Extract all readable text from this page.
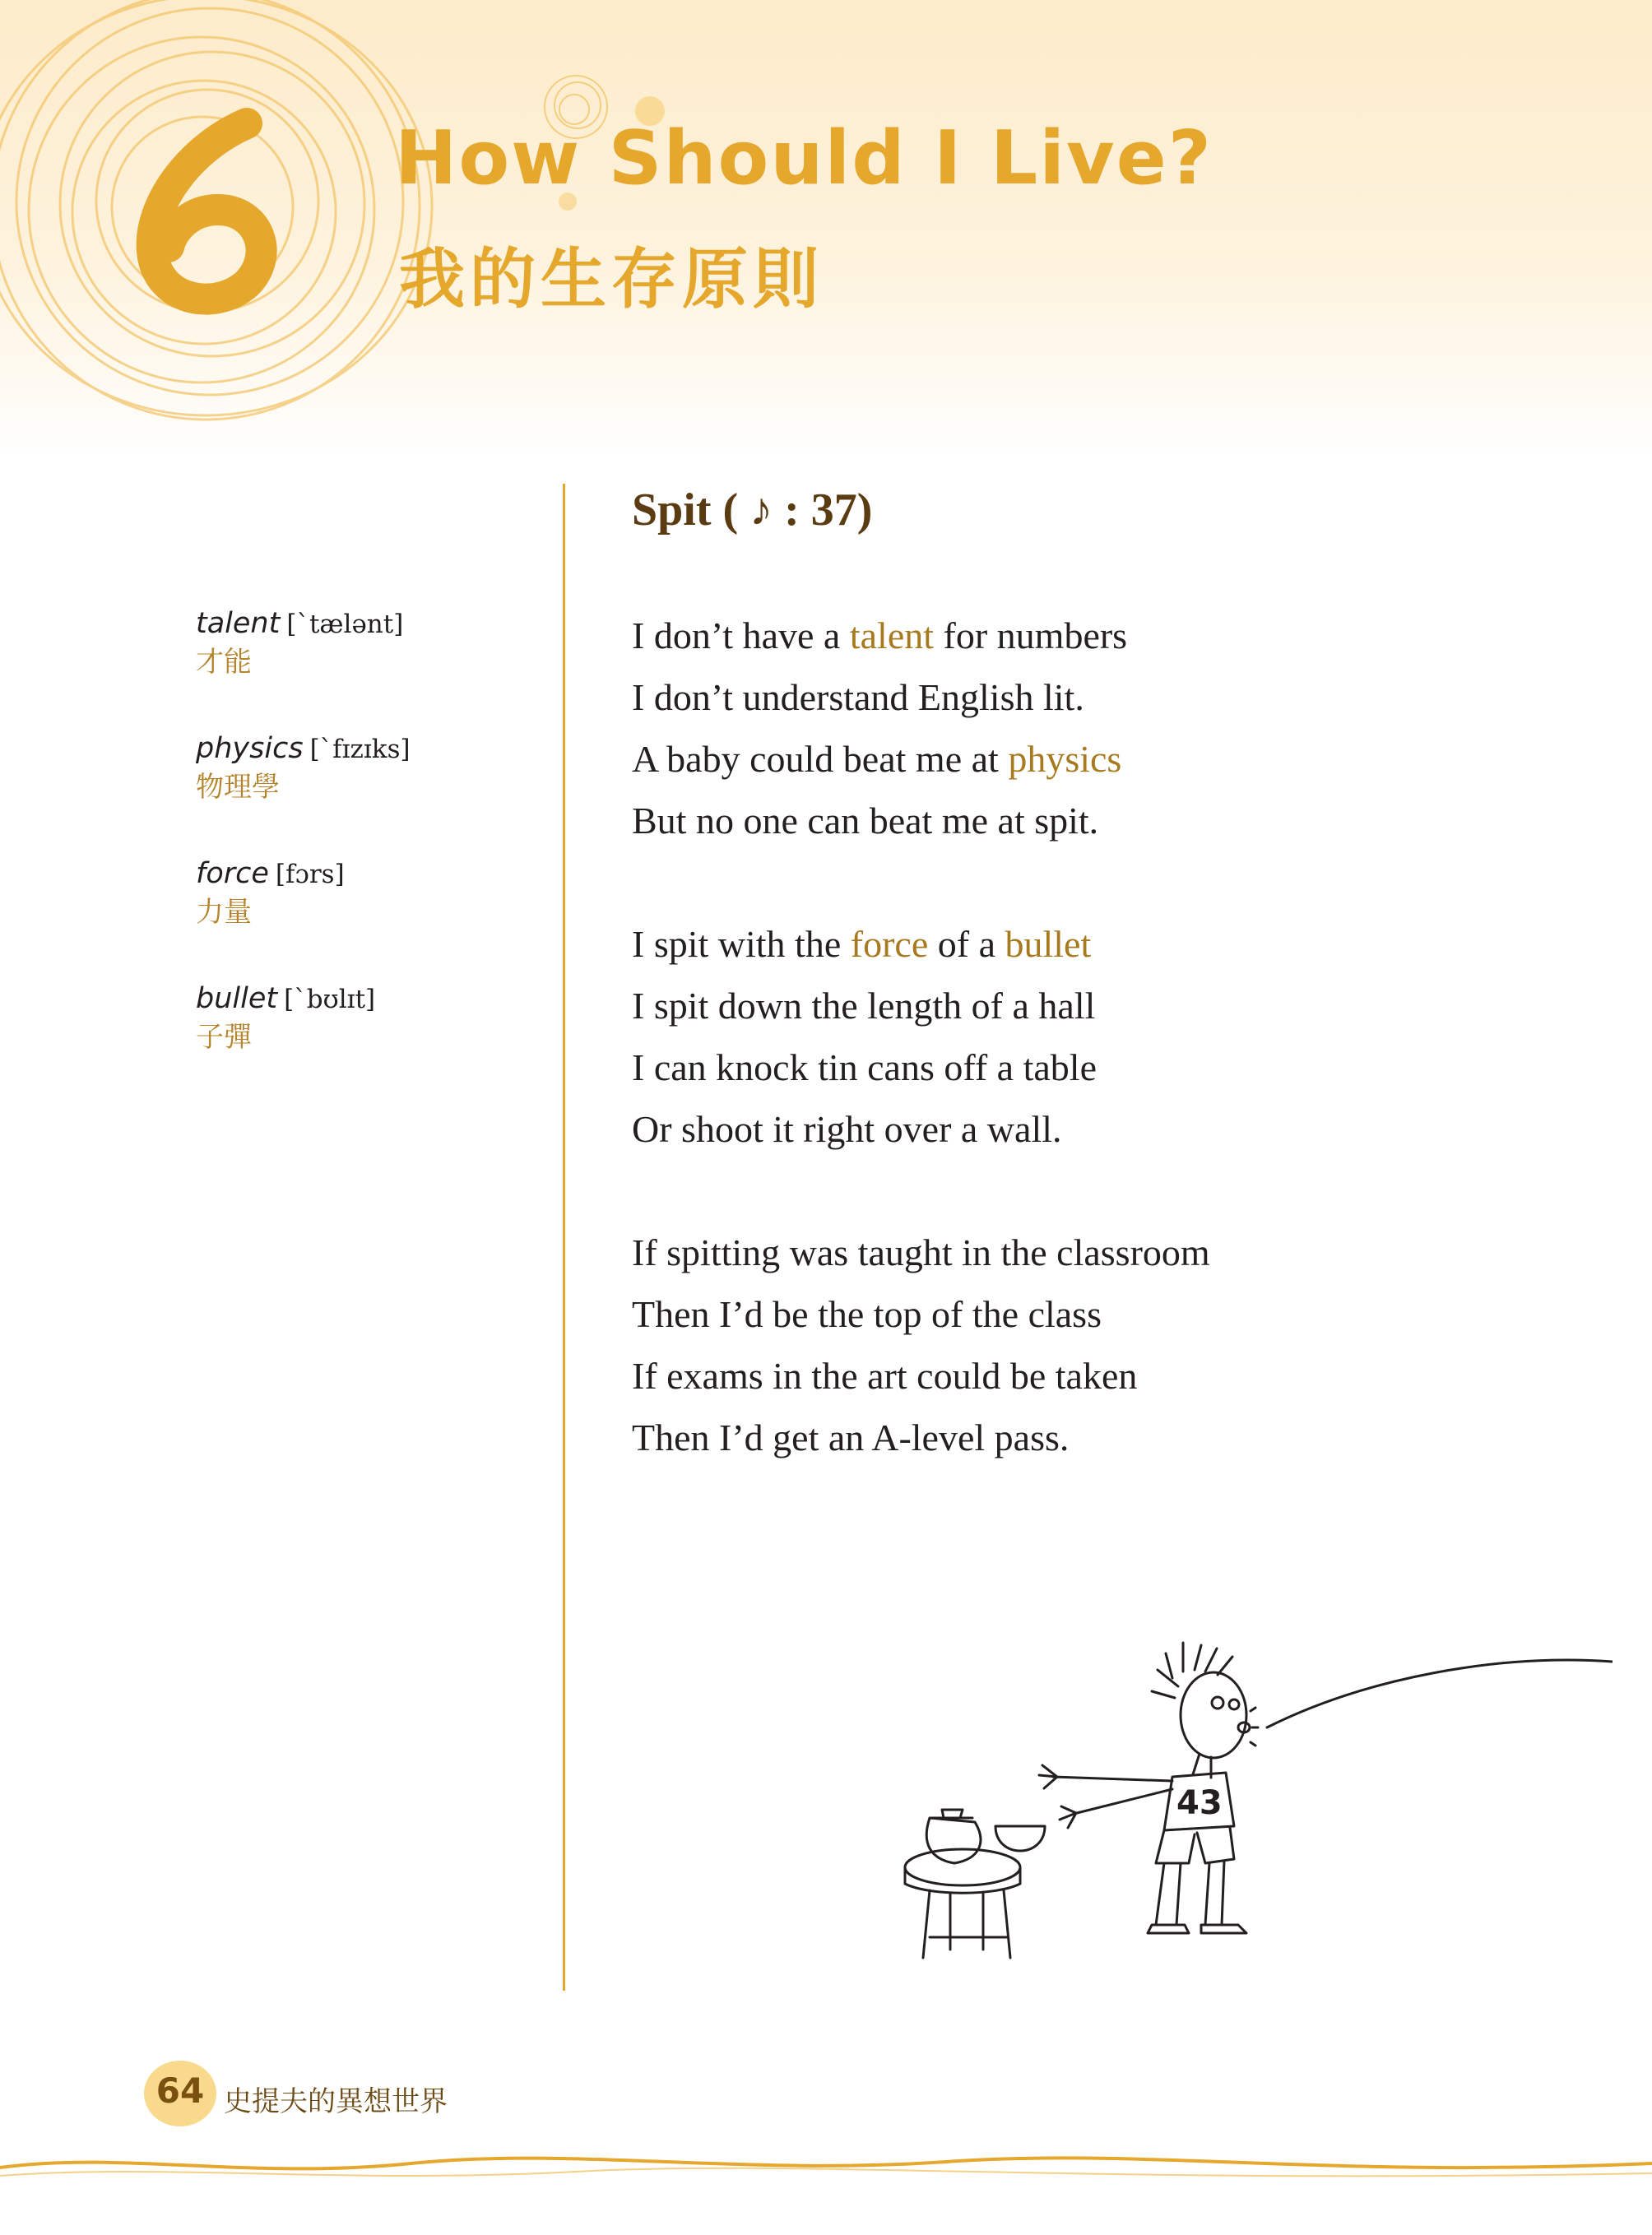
How Should I Live?
我的生存原則
talent [ˋtælənt]
才能
physics [ˋfɪzɪks]
物理學
force [fɔrs]
力量
bullet [ˋbʊlɪt]
子彈
Spit ( ♪ : 37)
I don’t have a talent for numbers
I don’t understand English lit.
A baby could beat me at physics
But no one can beat me at spit.
I spit with the force of a bullet
I spit down the length of a hall
I can knock tin cans off a table
Or shoot it right over a wall.
If spitting was taught in the classroom
Then I’d be the top of the class
If exams in the art could be taken
Then I’d get an A-level pass.
43
64 史提夫的異想世界
